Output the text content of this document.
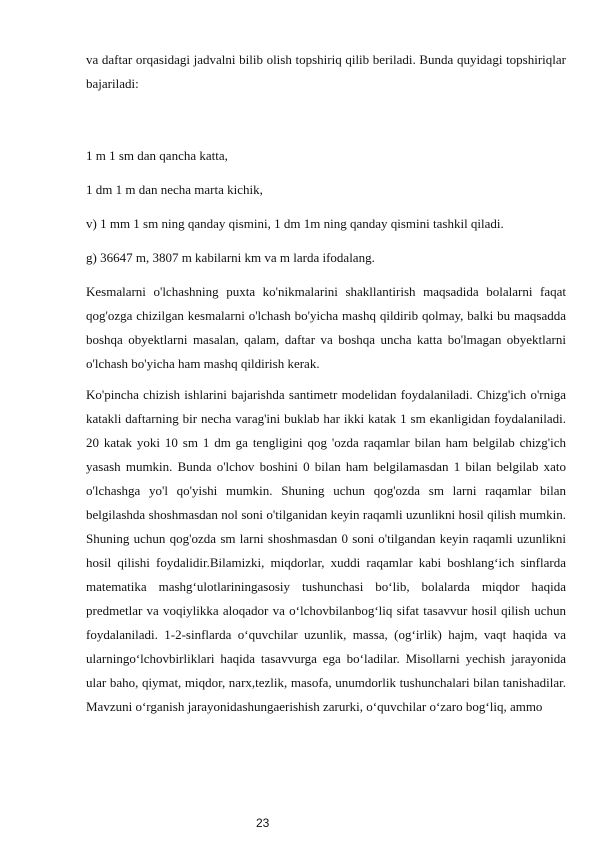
va daftar orqasidagi jadvalni bilib olish topshiriq qilib beriladi. Bunda quyidagi topshiriqlar bajariladi:

1 m 1 sm dan qancha katta,

1 dm 1 m dan necha marta kichik,

v) 1 mm 1 sm ning qanday qismini, 1 dm 1m ning qanday qismini tashkil qiladi.

g) 36647 m, 3807 m kabilarni km va m larda ifodalang.

Kesmalarni o'lchashning puxta ko'nikmalarini shakllantirish maqsadida bolalarni faqat qog'ozga chizilgan kesmalarni o'lchash bo'yicha mashq qildirib qolmay, balki bu maqsadda boshqa obyektlarni masalan, qalam, daftar va boshqa uncha katta bo'lmagan obyektlarni o'lchash bo'yicha ham mashq qildirish kerak.

Ko'pincha chizish ishlarini bajarishda santimetr modelidan foydalaniladi. Chizg'ich o'rniga katakli daftarning bir necha varag'ini buklab har ikki katak 1 sm ekanligidan foydalaniladi. 20 katak yoki 10 sm 1 dm ga tengligini qog 'ozda raqamlar bilan ham belgilab chizg'ich yasash mumkin. Bunda o'lchov boshini 0 bilan ham belgilamasdan 1 bilan belgilab xato o'lchashga yo'l qo'yishi mumkin. Shuning uchun qog'ozda sm larni raqamlar bilan belgilashda shoshmasdan nol soni o'tilganidan keyin raqamli uzunlikni hosil qilish mumkin. Shuning uchun qog'ozda sm larni shoshmasdan 0 soni o'tilgandan keyin raqamli uzunlikni hosil qilishi foydalidir.Bilamizki, miqdorlar, xuddi raqamlar kabi boshlang‘ich sinflarda matematika mashg‘ulotlariningasosiy tushunchasi bo‘lib, bolalarda miqdor haqida predmetlar va voqiylikka aloqador va o‘lchovbilanbog‘liq sifat tasavvur hosil qilish uchun foydalaniladi. 1-2-sinflarda o‘quvchilar uzunlik, massa, (og‘irlik) hajm, vaqt haqida va ularningo‘lchovbirliklari haqida tasavvurga ega bo‘ladilar. Misollarni yechish jarayonida ular baho, qiymat, miqdor, narx,tezlik, masofa, unumdorlik tushunchalari bilan tanishadilar. Mavzuni o‘rganish jarayonidashungaerishish zarurki, o‘quvchilar o‘zaro bog‘liq, ammo

23
